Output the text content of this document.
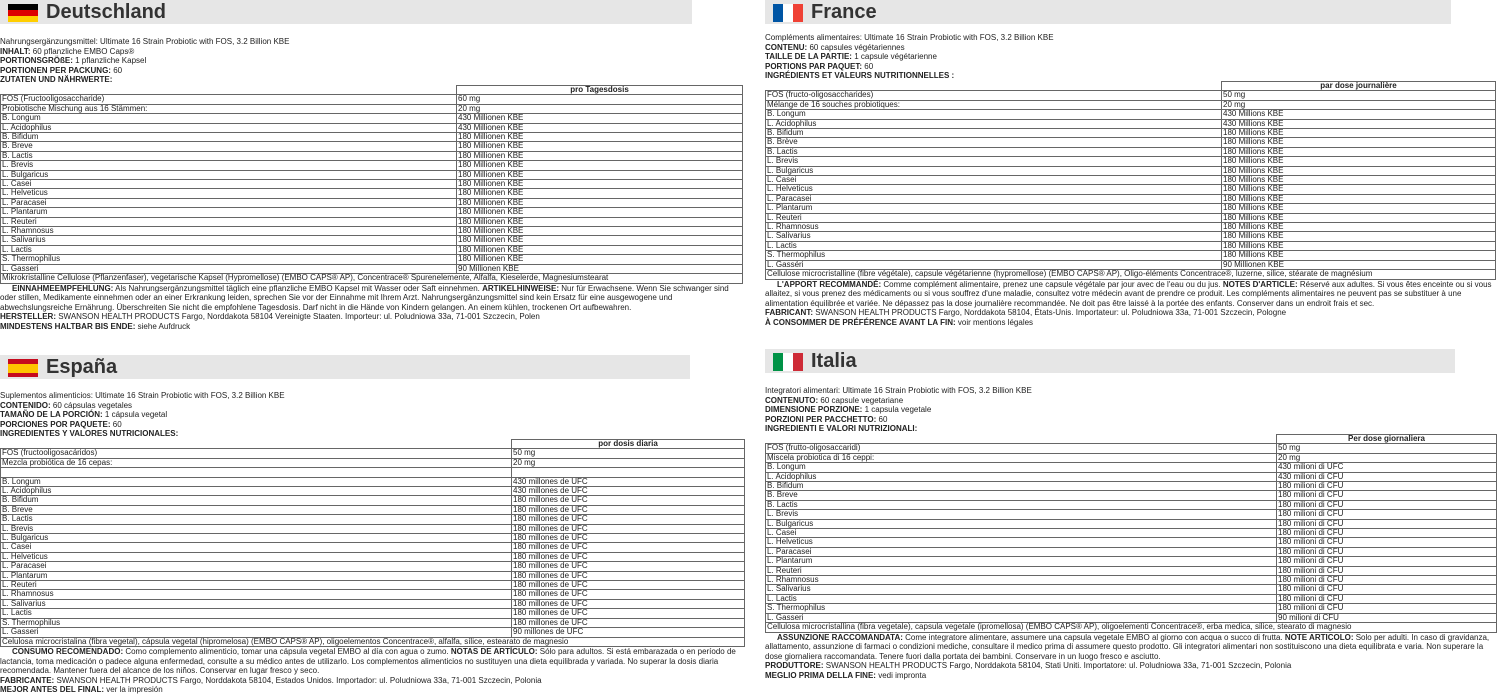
Deutschland

Nahrungsergänzungsmittel: Ultimate 16 Strain Probiotic with FOS, 3.2 Billion KBE

INHALT: 60 pflanzliche EMBO Caps®

PORTIONSGRÖßE: 1 pflanzliche Kapsel

PORTIONEN PER PACKUNG: 60

ZUTATEN UND NÄHRWERTE:

	pro Tagesdosis
FOS (Fructooligosaccharide)	60 mg
Probiotische Mischung aus 16 Stämmen:	20 mg
B. Longum	430 Millionen KBE
L. Acidophilus	430 Millionen KBE
B. Bifidum	180 Millionen KBE
B. Breve	180 Millionen KBE
B. Lactis	180 Millionen KBE
L. Brevis	180 Millionen KBE
L. Bulgaricus	180 Millionen KBE
L. Casei	180 Millionen KBE
L. Helveticus	180 Millionen KBE
L. Paracasei	180 Millionen KBE
L. Plantarum	180 Millionen KBE
L. Reuteri	180 Millionen KBE
L. Rhamnosus	180 Millionen KBE
L. Salivarius	180 Millionen KBE
L. Lactis	180 Millionen KBE
S. Thermophilus	180 Millionen KBE
L. Gasseri	90 Millionen KBE
Mikrokristalline Cellulose (Pflanzenfaser), vegetarische Kapsel (Hypromellose) (EMBO CAPS® AP), Concentrace® Spurenelemente, Alfalfa, Kieselerde, Magnesiumstearat	

EINNAHMEEMPFEHLUNG: Als Nahrungsergänzungsmittel täglich eine pflanzliche EMBO Kapsel mit Wasser oder Saft einnehmen. ARTIKELHINWEISE: Nur für Erwachsene. Wenn Sie schwanger sind oder stillen, Medikamente einnehmen oder an einer Erkrankung leiden, sprechen Sie vor der Einnahme mit Ihrem Arzt. Nahrungsergänzungsmittel sind kein Ersatz für eine ausgewogene und abwechslungsreiche Ernährung. Überschreiten Sie nicht die empfohlene Tagesdosis. Darf nicht in die Hände von Kindern gelangen. An einem kühlen, trockenen Ort aufbewahren.

HERSTELLER: SWANSON HEALTH PRODUCTS Fargo, Norddakota 58104 Vereinigte Staaten. Importeur: ul. Poludniowa 33a, 71-001 Szczecin, Polen

MINDESTENS HALTBAR BIS ENDE: siehe Aufdruck

France

Compléments alimentaires: Ultimate 16 Strain Probiotic with FOS, 3.2 Billion KBE

CONTENU: 60 capsules végétariennes

TAILLE DE LA PARTIE: 1 capsule végétarienne

PORTIONS PAR PAQUET: 60

INGRÉDIENTS ET VALEURS NUTRITIONNELLES :

	par dose journalière
FOS (fructo-oligosaccharides)	50 mg
Mélange de 16 souches probiotiques:	20 mg
B. Longum	430 Millions KBE
L. Acidophilus	430 Millions KBE
B. Bifidum	180 Millions KBE
B. Brève	180 Millions KBE
B. Lactis	180 Millions KBE
L. Brevis	180 Millions KBE
L. Bulgaricus	180 Millions KBE
L. Casei	180 Millions KBE
L. Helveticus	180 Millions KBE
L. Paracasei	180 Millions KBE
L. Plantarum	180 Millions KBE
L. Reuteri	180 Millions KBE
L. Rhamnosus	180 Millions KBE
L. Salivarius	180 Millions KBE
L. Lactis	180 Millions KBE
S. Thermophilus	180 Millions KBE
L. Gasséri	90 Millionen KBE
Cellulose microcristalline (fibre végétale), capsule végétarienne (hypromellose) (EMBO CAPS® AP), Oligo-éléments Concentrace®, luzerne, silice, stéarate de magnésium	

L'APPORT RECOMMANDÉ: Comme complément alimentaire, prenez une capsule végétale par jour avec de l'eau ou du jus. NOTES D'ARTICLE: Réservé aux adultes. Si vous êtes enceinte ou si vous allaitez, si vous prenez des médicaments ou si vous souffrez d'une maladie, consultez votre médecin avant de prendre ce produit. Les compléments alimentaires ne peuvent pas se substituer à une alimentation équilibrée et variée. Ne dépassez pas la dose journalière recommandée. Ne doit pas être laissé à la portée des enfants. Conserver dans un endroit frais et sec.

FABRICANT: SWANSON HEALTH PRODUCTS Fargo, Norddakota 58104, États-Unis. Importateur: ul. Poludniowa 33a, 71-001 Szczecin, Pologne

À CONSOMMER DE PRÉFÉRENCE AVANT LA FIN: voir mentions légales

España

Suplementos alimenticios: Ultimate 16 Strain Probiotic with FOS, 3.2 Billion KBE

CONTENIDO: 60 cápsulas vegetales

TAMAÑO DE LA PORCIÓN: 1 cápsula vegetal

PORCIONES POR PAQUETE: 60

INGREDIENTES Y VALORES NUTRICIONALES:

	por dosis diaria
FOS (fructooligosacáridos)	50 mg
Mezcla probiótica de 16 cepas:	20 mg

B. Longum	430 millones de UFC
L. Acidophilus	430 millones de UFC
B. Bifidum	180 millones de UFC
B. Breve	180 millones de UFC
B. Lactis	180 millones de UFC
L. Brevis	180 millones de UFC
L. Bulgaricus	180 millones de UFC
L. Casei	180 millones de UFC
L. Helveticus	180 millones de UFC
L. Paracasei	180 millones de UFC
L. Plantarum	180 millones de UFC
L. Reuteri	180 millones de UFC
L. Rhamnosus	180 millones de UFC
L. Salivarius	180 millones de UFC
L. Lactis	180 millones de UFC
S. Thermophilus	180 millones de UFC
L. Gasseri	90 millones de UFC
Celulosa microcristalina (fibra vegetal), cápsula vegetal (hipromelosa) (EMBO CAPS® AP), oligoelementos Concentrace®, alfalfa, sílice, estearato de magnesio	

CONSUMO RECOMENDADO: Como complemento alimenticio, tomar una cápsula vegetal EMBO al día con agua o zumo. NOTAS DE ARTÍCULO: Sólo para adultos. Si está embarazada o en período de lactancia, toma medicación o padece alguna enfermedad, consulte a su médico antes de utilizarlo. Los complementos alimenticios no sustituyen una dieta equilibrada y variada. No superar la dosis diaria recomendada. Mantener fuera del alcance de los niños. Conservar en lugar fresco y seco.

FABRICANTE: SWANSON HEALTH PRODUCTS Fargo, Norddakota 58104, Estados Unidos. Importador: ul. Poludniowa 33a, 71-001 Szczecin, Polonia

MEJOR ANTES DEL FINAL: ver la impresión

Italia

Integratori alimentari: Ultimate 16 Strain Probiotic with FOS, 3.2 Billion KBE

CONTENUTO: 60 capsule vegetariane

DIMENSIONE PORZIONE: 1 capsula vegetale

PORZIONI PER PACCHETTO: 60

INGREDIENTI E VALORI NUTRIZIONALI:

	Per dose giornaliera
FOS (frutto-oligosaccaridi)	50 mg
Miscela probiotica di 16 ceppi:	20 mg
B. Longum	430 milioni di UFC
L. Acidophilus	430 milioni di CFU
B. Bifidum	180 milioni di CFU
B. Breve	180 milioni di CFU
B. Lactis	180 milioni di CFU
L. Brevis	180 milioni di CFU
L. Bulgaricus	180 milioni di CFU
L. Casei	180 milioni di CFU
L. Helveticus	180 milioni di CFU
L. Paracasei	180 milioni di CFU
L. Plantarum	180 milioni di CFU
L. Reuteri	180 milioni di CFU
L. Rhamnosus	180 milioni di CFU
L. Salivarius	180 milioni di CFU
L. Lactis	180 milioni di CFU
S. Thermophilus	180 milioni di CFU
L. Gasseri	90 milioni di CFU
Cellulosa microcristallina (fibra vegetale), capsula vegetale (ipromellosa) (EMBO CAPS® AP), oligoelementi Concentrace®, erba medica, silice, stearato di magnesio	

ASSUNZIONE RACCOMANDATA: Come integratore alimentare, assumere una capsula vegetale EMBO al giorno con acqua o succo di frutta. NOTE ARTICOLO: Solo per adulti. In caso di gravidanza, allattamento, assunzione di farmaci o condizioni mediche, consultare il medico prima di assumere questo prodotto. Gli integratori alimentari non sostituiscono una dieta equilibrata e varia. Non superare la dose giornaliera raccomandata. Tenere fuori dalla portata dei bambini. Conservare in un luogo fresco e asciutto.

PRODUTTORE: SWANSON HEALTH PRODUCTS Fargo, Norddakota 58104, Stati Uniti. Importatore: ul. Poludniowa 33a, 71-001 Szczecin, Polonia

MEGLIO PRIMA DELLA FINE: vedi impronta
